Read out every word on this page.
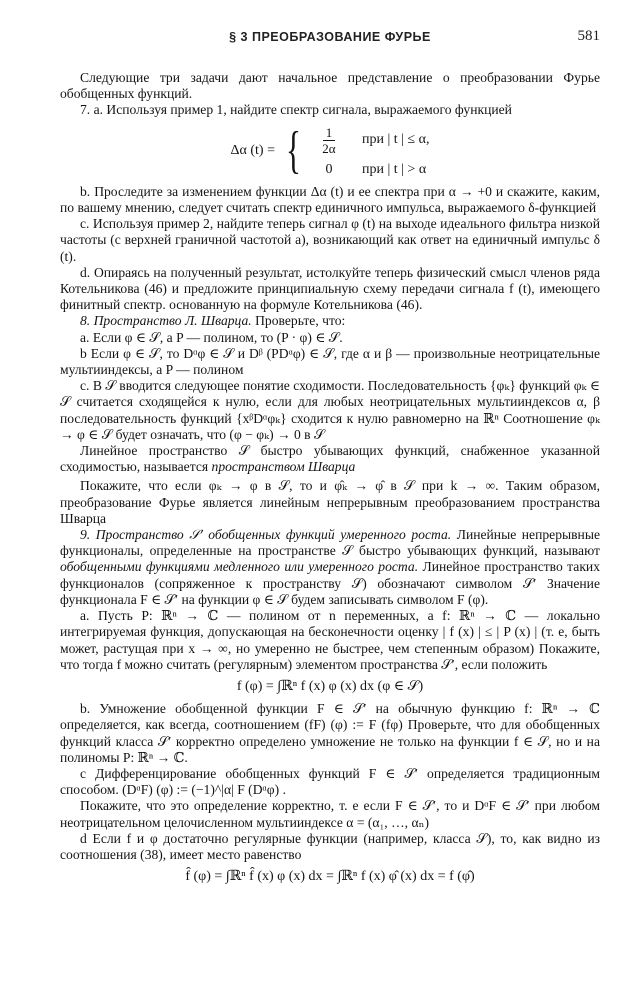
§ 3 ПРЕОБРАЗОВАНИЕ ФУРЬЕ	581

Следующие три задачи дают начальное представление о преобразовании Фурье обобщенных функций.

7. а. Используя пример 1, найдите спектр сигнала, выражаемого функцией

Δα (t) = { $\frac{1}{2\alpha}$ при | t | ≤ α,
0	при | t | > α

b. Проследите за изменением функции Δα (t) и ее спектра при α → +0 и скажите, каким, по вашему мнению, следует считать спектр единичного импульса, выражаемого δ-функцией

с. Используя пример 2, найдите теперь сигнал φ (t) на выходе идеального фильтра низкой частоты (с верхней граничной частотой a), возникающий как ответ на единичный импульс δ (t).

d. Опираясь на полученный результат, истолкуйте теперь физический смысл членов ряда Котельникова (46) и предложите принципиальную схему передачи сигнала f (t), имеющего финитный спектр. основанную на формуле Котельникова (46).

8. Пространство Л. Шварца. Проверьте, что:

а. Если φ ∈ 𝒮, а P — полином, то (P · φ) ∈ 𝒮.

b Если φ ∈ 𝒮, то Dᵅφ ∈ 𝒮 и Dᵝ (PDᵅφ) ∈ 𝒮, где α и β — произвольные неотрицательные мультииндексы, а P — полином

с. В 𝒮 вводится следующее понятие сходимости. Последовательность {φₖ} функций φₖ ∈ 𝒮 считается сходящейся к нулю, если для любых неотрицательных мультииндексов α, β последовательность функций {xᵝDᵅφₖ} сходится к нулю равномерно на ℝⁿ Соотношение φₖ → φ ∈ 𝒮 будет означать, что (φ − φₖ) → 0 в 𝒮

Линейное пространство 𝒮 быстро убывающих функций, снабженное указанной сходимостью, называется пространством Шварца

Покажите, что если φₖ → φ в 𝒮, то и φ̂ₖ → φ̂ в 𝒮 при k → ∞. Таким образом, преобразование Фурье является линейным непрерывным преобразованием пространства Шварца

9. Пространство 𝒮′ обобщенных функций умеренного роста. Линейные непрерывные функционалы, определенные на пространстве 𝒮 быстро убывающих функций, называют обобщенными функциями медленного или умеренного роста. Линейное пространство таких функционалов (сопряженное к пространству 𝒮) обозначают символом 𝒮′ Значение функционала F ∈ 𝒮′ на функции φ ∈ 𝒮 будем записывать символом F (φ).

а. Пусть P: ℝⁿ → ℂ — полином от n переменных, а f: ℝⁿ → ℂ — локально интегрируемая функция, допускающая на бесконечности оценку | f (x) | ≤ | P (x) | (т. е, быть может, растущая при x → ∞, но умеренно не быстрее, чем степенным образом) Покажите, что тогда f можно считать (регулярным) элементом пространства 𝒮′, если положить

f (φ) = ∫ℝⁿ f (x) φ (x) dx (φ ∈ 𝒮)

b. Умножение обобщенной функции F ∈ 𝒮′ на обычную функцию f: ℝⁿ → ℂ определяется, как всегда, соотношением (fF) (φ) := F (fφ) Проверьте, что для обобщенных функций класса 𝒮′ корректно определено умножение не только на функции f ∈ 𝒮, но и на полиномы P: ℝⁿ → ℂ.

с Дифференцирование обобщенных функций F ∈ 𝒮′ определяется традиционным способом. (DᵅF) (φ) := (−1)^|α| F (Dᵅφ) .

Покажите, что это определение корректно, т. е если F ∈ 𝒮′, то и DᵅF ∈ 𝒮′ при любом неотрицательном целочисленном мультииндексе α = (α₁, …, αₙ)

d Если f и φ достаточно регулярные функции (например, класса 𝒮), то, как видно из соотношения (38), имеет место равенство

f̂ (φ) = ∫ℝⁿ f̂ (x) φ (x) dx = ∫ℝⁿ f (x) φ̂ (x) dx = f (φ̂)
